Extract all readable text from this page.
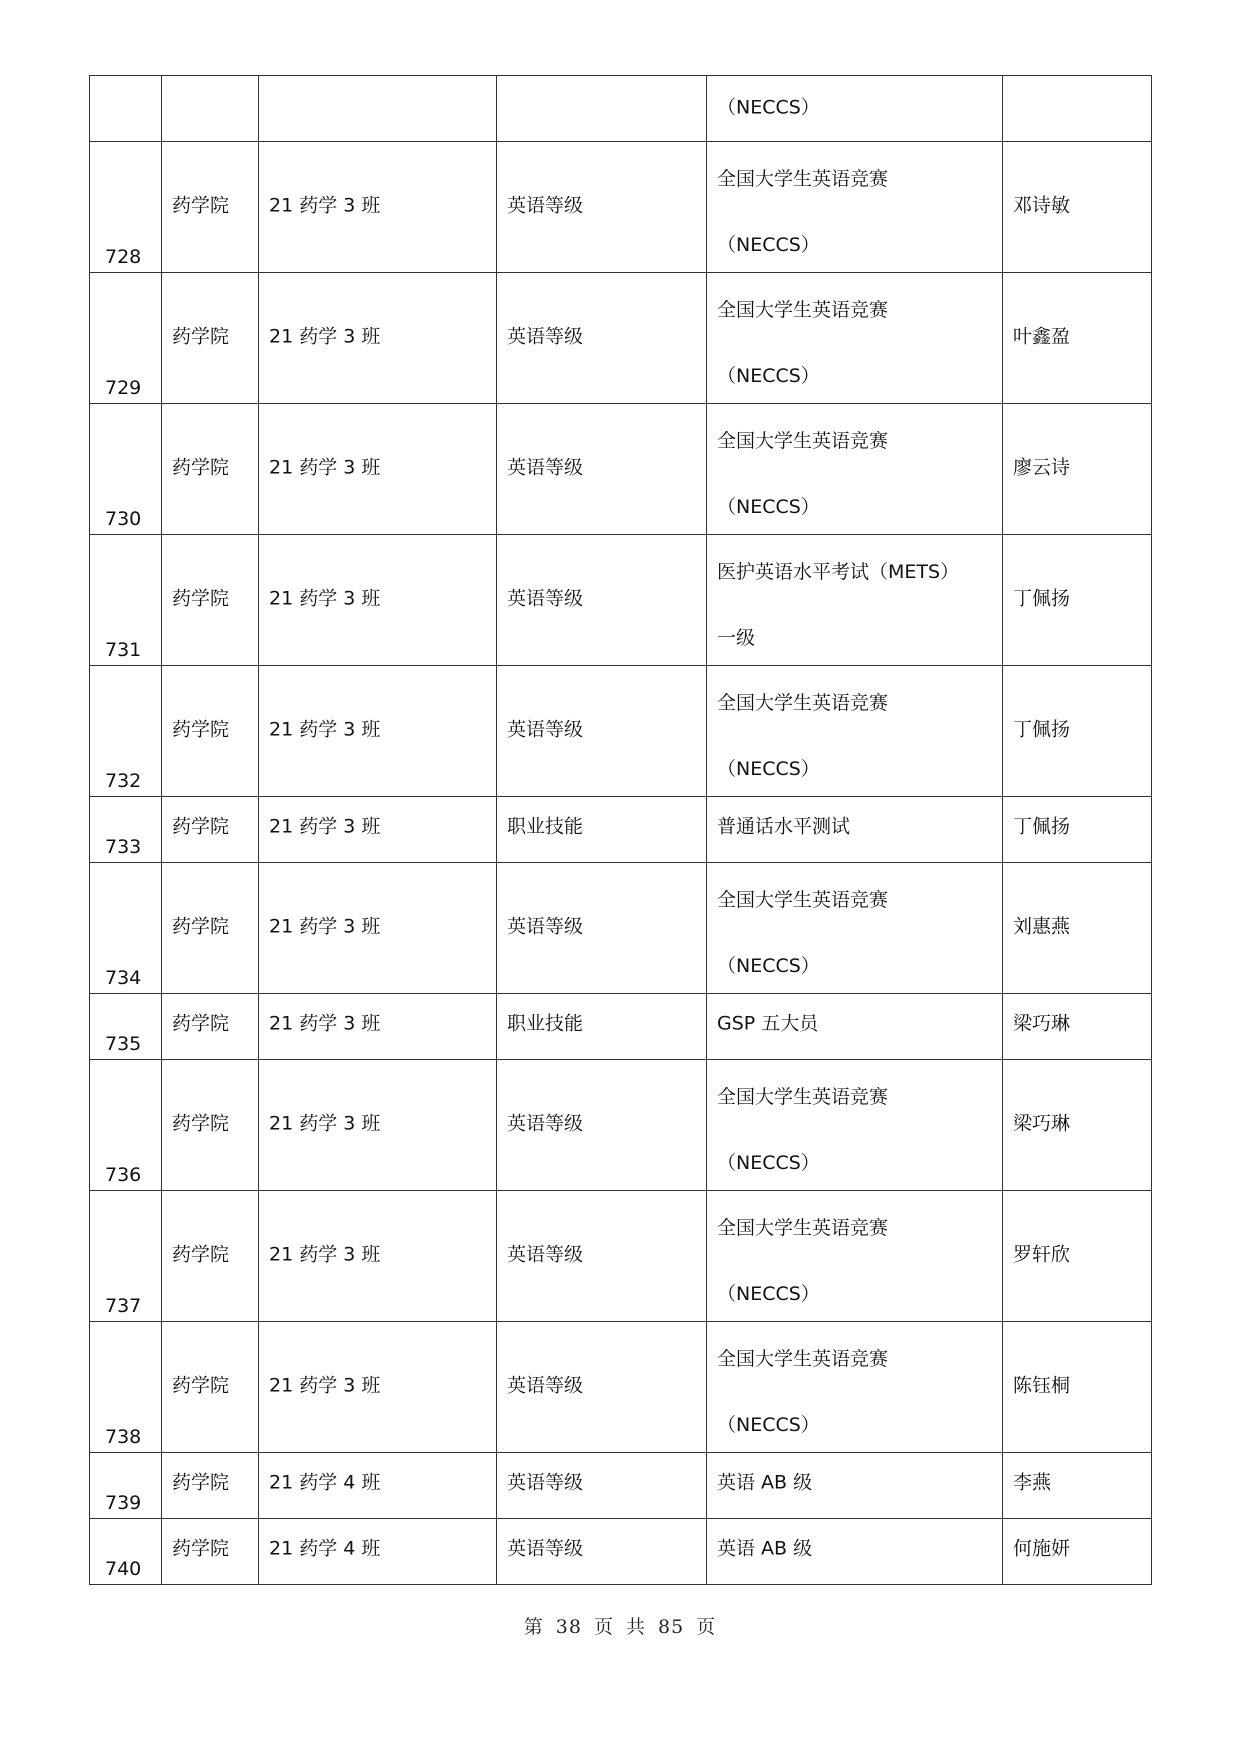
				（NECCS）	

728	药学院	21 药学 3 班	英语等级	全国大学生英语竞赛
（NECCS）	邓诗敏

729	药学院	21 药学 3 班	英语等级	全国大学生英语竞赛
（NECCS）	叶鑫盈

730	药学院	21 药学 3 班	英语等级	全国大学生英语竞赛
（NECCS）	廖云诗

731	药学院	21 药学 3 班	英语等级	医护英语水平考试（METS）
一级	丁佩扬

732	药学院	21 药学 3 班	英语等级	全国大学生英语竞赛
（NECCS）	丁佩扬

733	药学院	21 药学 3 班	职业技能	普通话水平测试	丁佩扬

734	药学院	21 药学 3 班	英语等级	全国大学生英语竞赛
（NECCS）	刘惠燕

735	药学院	21 药学 3 班	职业技能	GSP 五大员	梁巧琳

736	药学院	21 药学 3 班	英语等级	全国大学生英语竞赛
（NECCS）	梁巧琳

737	药学院	21 药学 3 班	英语等级	全国大学生英语竞赛
（NECCS）	罗轩欣

738	药学院	21 药学 3 班	英语等级	全国大学生英语竞赛
（NECCS）	陈钰桐

739	药学院	21 药学 4 班	英语等级	英语 AB 级	李燕

740	药学院	21 药学 4 班	英语等级	英语 AB 级	何施妍
第 38 页 共 85 页
